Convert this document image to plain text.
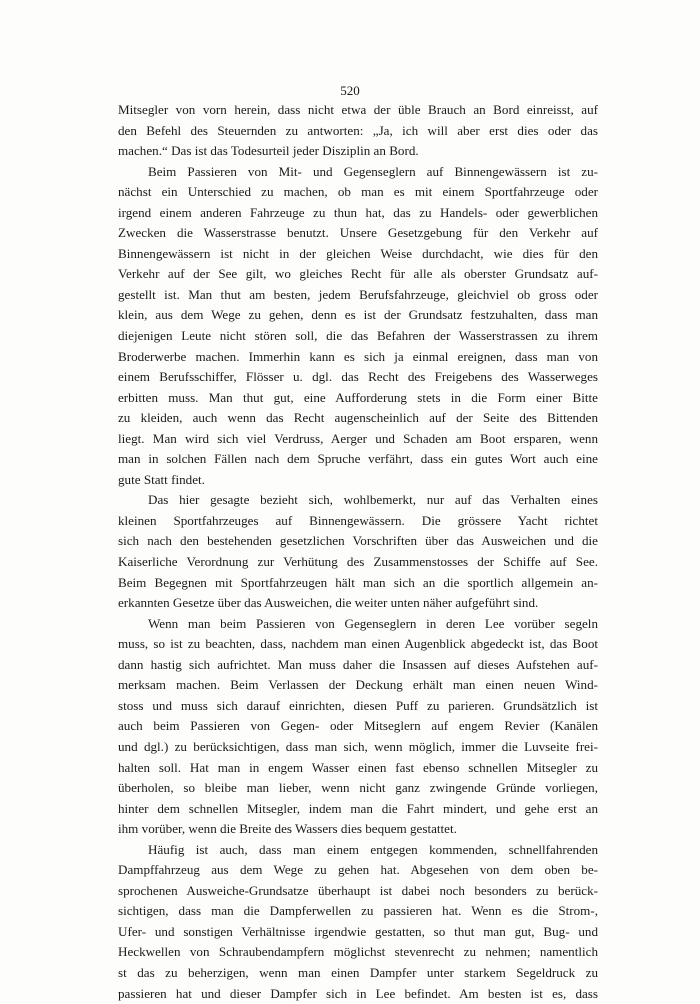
520
Mitsegler von vorn herein, dass nicht etwa der üble Brauch an Bord einreisst, auf
den Befehl des Steuernden zu antworten: „Ja, ich will aber erst dies oder das
machen.“ Das ist das Todesurteil jeder Disziplin an Bord.
Beim Passieren von Mit- und Gegenseglern auf Binnengewässern ist zu-
nächst ein Unterschied zu machen, ob man es mit einem Sportfahrzeuge oder
irgend einem anderen Fahrzeuge zu thun hat, das zu Handels- oder gewerblichen
Zwecken die Wasserstrasse benutzt. Unsere Gesetzgebung für den Verkehr auf
Binnengewässern ist nicht in der gleichen Weise durchdacht, wie dies für den
Verkehr auf der See gilt, wo gleiches Recht für alle als oberster Grundsatz auf-
gestellt ist. Man thut am besten, jedem Berufsfahrzeuge, gleichviel ob gross oder
klein, aus dem Wege zu gehen, denn es ist der Grundsatz festzuhalten, dass man
diejenigen Leute nicht stören soll, die das Befahren der Wasserstrassen zu ihrem
Broderwerbe machen. Immerhin kann es sich ja einmal ereignen, dass man von
einem Berufsschiffer, Flösser u. dgl. das Recht des Freigebens des Wasserweges
erbitten muss. Man thut gut, eine Aufforderung stets in die Form einer Bitte
zu kleiden, auch wenn das Recht augenscheinlich auf der Seite des Bittenden
liegt. Man wird sich viel Verdruss, Aerger und Schaden am Boot ersparen, wenn
man in solchen Fällen nach dem Spruche verfährt, dass ein gutes Wort auch eine
gute Statt findet.
Das hier gesagte bezieht sich, wohlbemerkt, nur auf das Verhalten eines
kleinen Sportfahrzeuges auf Binnengewässern. Die grössere Yacht richtet
sich nach den bestehenden gesetzlichen Vorschriften über das Ausweichen und die
Kaiserliche Verordnung zur Verhütung des Zusammenstosses der Schiffe auf See.
Beim Begegnen mit Sportfahrzeugen hält man sich an die sportlich allgemein an-
erkannten Gesetze über das Ausweichen, die weiter unten näher aufgeführt sind.
Wenn man beim Passieren von Gegenseglern in deren Lee vorüber segeln
muss, so ist zu beachten, dass, nachdem man einen Augenblick abgedeckt ist, das Boot
dann hastig sich aufrichtet. Man muss daher die Insassen auf dieses Aufstehen auf-
merksam machen. Beim Verlassen der Deckung erhält man einen neuen Wind-
stoss und muss sich darauf einrichten, diesen Puff zu parieren. Grundsätzlich ist
auch beim Passieren von Gegen- oder Mitseglern auf engem Revier (Kanälen
und dgl.) zu berücksichtigen, dass man sich, wenn möglich, immer die Luvseite frei-
halten soll. Hat man in engem Wasser einen fast ebenso schnellen Mitsegler zu
überholen, so bleibe man lieber, wenn nicht ganz zwingende Gründe vorliegen,
hinter dem schnellen Mitsegler, indem man die Fahrt mindert, und gehe erst an
ihm vorüber, wenn die Breite des Wassers dies bequem gestattet.
Häufig ist auch, dass man einem entgegen kommenden, schnellfahrenden
Dampffahrzeug aus dem Wege zu gehen hat. Abgesehen von dem oben be-
sprochenen Ausweiche-Grundsatze überhaupt ist dabei noch besonders zu berück-
sichtigen, dass man die Dampferwellen zu passieren hat. Wenn es die Strom-,
Ufer- und sonstigen Verhältnisse irgendwie gestatten, so thut man gut, Bug- und
Heckwellen von Schraubendampfern möglichst stevenrecht zu nehmen; namentlich
st das zu beherzigen, wenn man einen Dampfer unter starkem Segeldruck zu
passieren hat und dieser Dampfer sich in Lee befindet. Am besten ist es, dass
